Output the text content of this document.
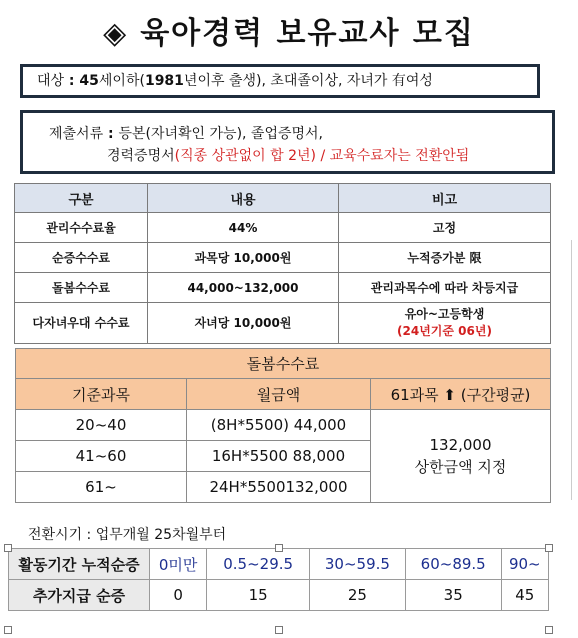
◈ 육아경력 보유교사 모집
대상 : 45세이하(1981년이후 출생), 초대졸이상, 자녀가 有여성
제출서류 : 등본(자녀확인 가능), 졸업증명서,
경력증명서(직종 상관없이 합 2년) / 교육수료자는 전환안됨
구분	내용	비고
관리수수료율	44%	고정
순증수수료	과목당 10,000원	누적증가분 限
돌봄수수료	44,000~132,000	관리과목수에 따라 차등지급
다자녀우대 수수료	자녀당 10,000원	유아~고등학생
(24년기준 06년)
돌봄수수료		
기준과목	월금액	61과목 ⬆ (구간평균)
20~40	(8H*5500) 44,000	132,000
상한금액 지정

41~60	16H*5500 88,000	
61~	24H*5500132,000	
전환시기 : 업무개월 25차월부터
활동기간 누적순증	0미만	0.5~29.5	30~59.5	60~89.5	90~
추가지급 순증	0	15	25	35	45
